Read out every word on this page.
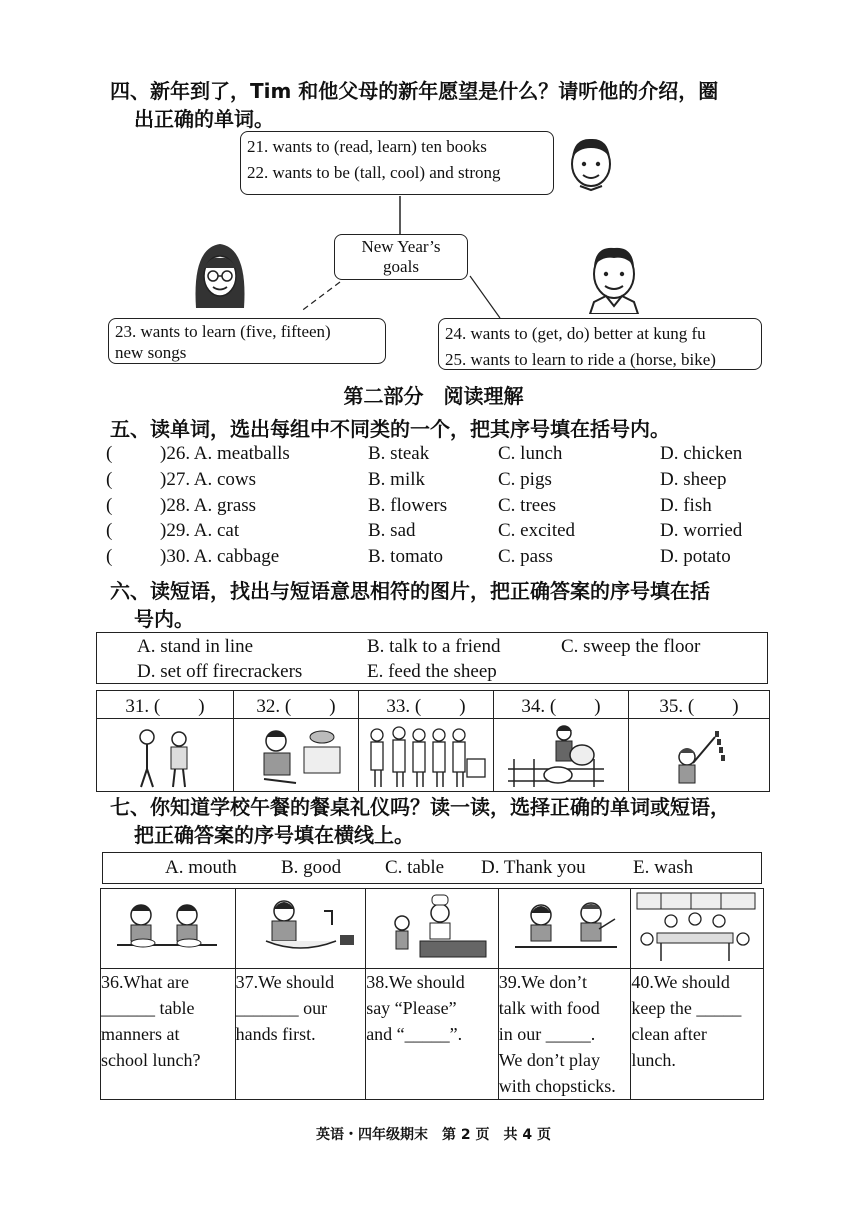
四、新年到了，Tim 和他父母的新年愿望是什么？请听他的介绍，圈
出正确的单词。
21. wants to (read, learn) ten books
22. wants to be (tall, cool) and strong
New Year’s
goals
23. wants to learn (five, fifteen)
new songs
24. wants to (get, do) better at kung fu
25. wants to learn to ride a (horse, bike)
第二部分　阅读理解
五、读单词，选出每组中不同类的一个，把其序号填在括号内。
(	)26. A. meatballs	B. steak	C. lunch	D. chicken
(	)27. A. cows	B. milk	C. pigs	D. sheep
(	)28. A. grass	B. flowers	C. trees	D. fish
(	)29. A. cat	B. sad	C. excited	D. worried
(	)30. A. cabbage	B. tomato	C. pass	D. potato
六、读短语，找出与短语意思相符的图片，把正确答案的序号填在括
号内。
A. stand in line	B. talk to a friend	C. sweep the floor
D. set off firecrackers	E. feed the sheep
31. (　　)	32. (　　)	33. (　　)	34. (　　)	35. (　　)

七、你知道学校午餐的餐桌礼仪吗？读一读，选择正确的单词或短语，
把正确答案的序号填在横线上。
A. mouth B. good C. table D. Thank you E. wash

36.What are
______ table
manners at
school lunch?	37.We should
_______ our
hands first.	38.We should
say “Please”
and “_____”.	39.We don’t
talk with food
in our _____.
We don’t play
with chopsticks.	40.We should
keep the _____
clean after
lunch.
英语・四年级期末　第 2 页　共 4 页
